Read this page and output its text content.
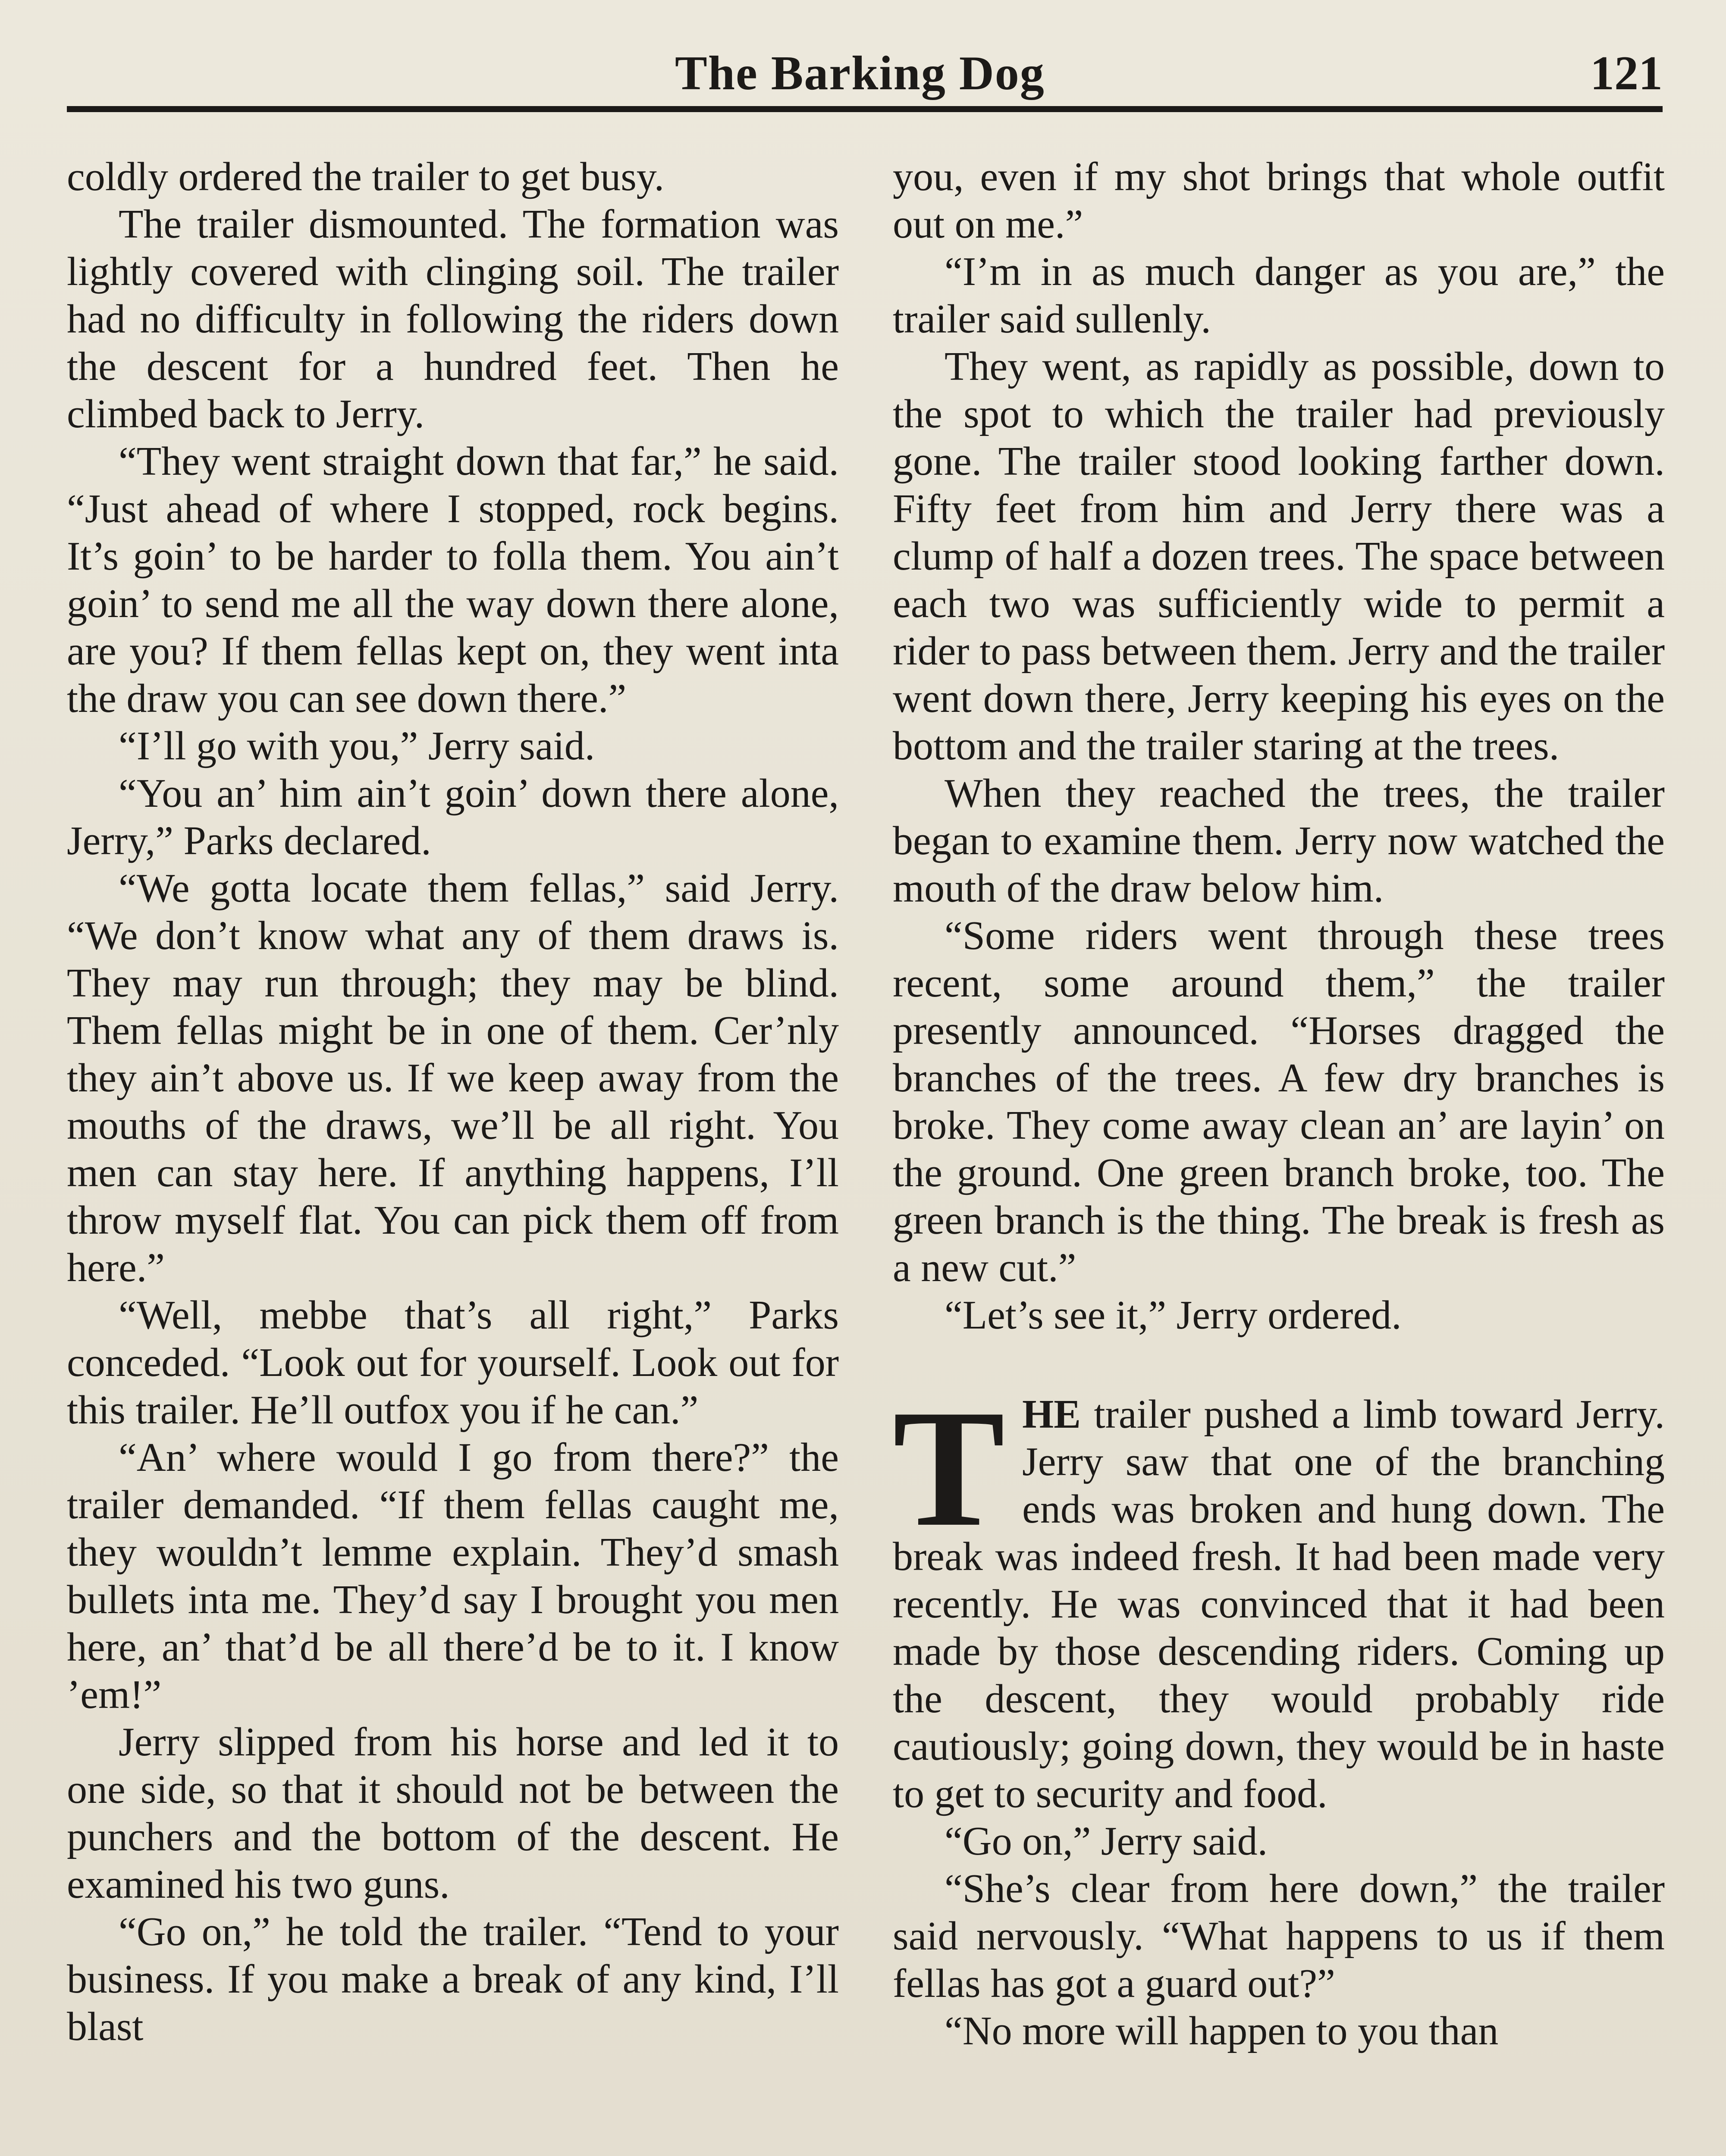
The Barking Dog	121

coldly ordered the trailer to get busy.

The trailer dismounted. The formation was lightly covered with clinging soil. The trailer had no difficulty in following the riders down the descent for a hundred feet. Then he climbed back to Jerry.

“They went straight down that far,” he said. “Just ahead of where I stopped, rock begins. It’s goin’ to be harder to folla them. You ain’t goin’ to send me all the way down there alone, are you? If them fellas kept on, they went inta the draw you can see down there.”

“I’ll go with you,” Jerry said.

“You an’ him ain’t goin’ down there alone, Jerry,” Parks declared.

“We gotta locate them fellas,” said Jerry. “We don’t know what any of them draws is. They may run through; they may be blind. Them fellas might be in one of them. Cer’nly they ain’t above us. If we keep away from the mouths of the draws, we’ll be all right. You men can stay here. If anything happens, I’ll throw myself flat. You can pick them off from here.”

“Well, mebbe that’s all right,” Parks conceded. “Look out for yourself. Look out for this trailer. He’ll outfox you if he can.”

“An’ where would I go from there?” the trailer demanded. “If them fellas caught me, they wouldn’t lemme explain. They’d smash bullets inta me. They’d say I brought you men here, an’ that’d be all there’d be to it. I know ’em!”

Jerry slipped from his horse and led it to one side, so that it should not be between the punchers and the bottom of the descent. He examined his two guns.

“Go on,” he told the trailer. “Tend to your business. If you make a break of any kind, I’ll blast

you, even if my shot brings that whole outfit out on me.”

“I’m in as much danger as you are,” the trailer said sullenly.

They went, as rapidly as possible, down to the spot to which the trailer had previously gone. The trailer stood looking farther down. Fifty feet from him and Jerry there was a clump of half a dozen trees. The space between each two was sufficiently wide to permit a rider to pass between them. Jerry and the trailer went down there, Jerry keeping his eyes on the bottom and the trailer staring at the trees.

When they reached the trees, the trailer began to examine them. Jerry now watched the mouth of the draw below him.

“Some riders went through these trees recent, some around them,” the trailer presently announced. “Horses dragged the branches of the trees. A few dry branches is broke. They come away clean an’ are layin’ on the ground. One green branch broke, too. The green branch is the thing. The break is fresh as a new cut.”

“Let’s see it,” Jerry ordered.

THE trailer pushed a limb toward Jerry. Jerry saw that one of the branching ends was broken and hung down. The break was indeed fresh. It had been made very recently. He was convinced that it had been made by those descending riders. Coming up the descent, they would probably ride cautiously; going down, they would be in haste to get to security and food.

“Go on,” Jerry said.

“She’s clear from here down,” the trailer said nervously. “What happens to us if them fellas has got a guard out?”

“No more will happen to you than
